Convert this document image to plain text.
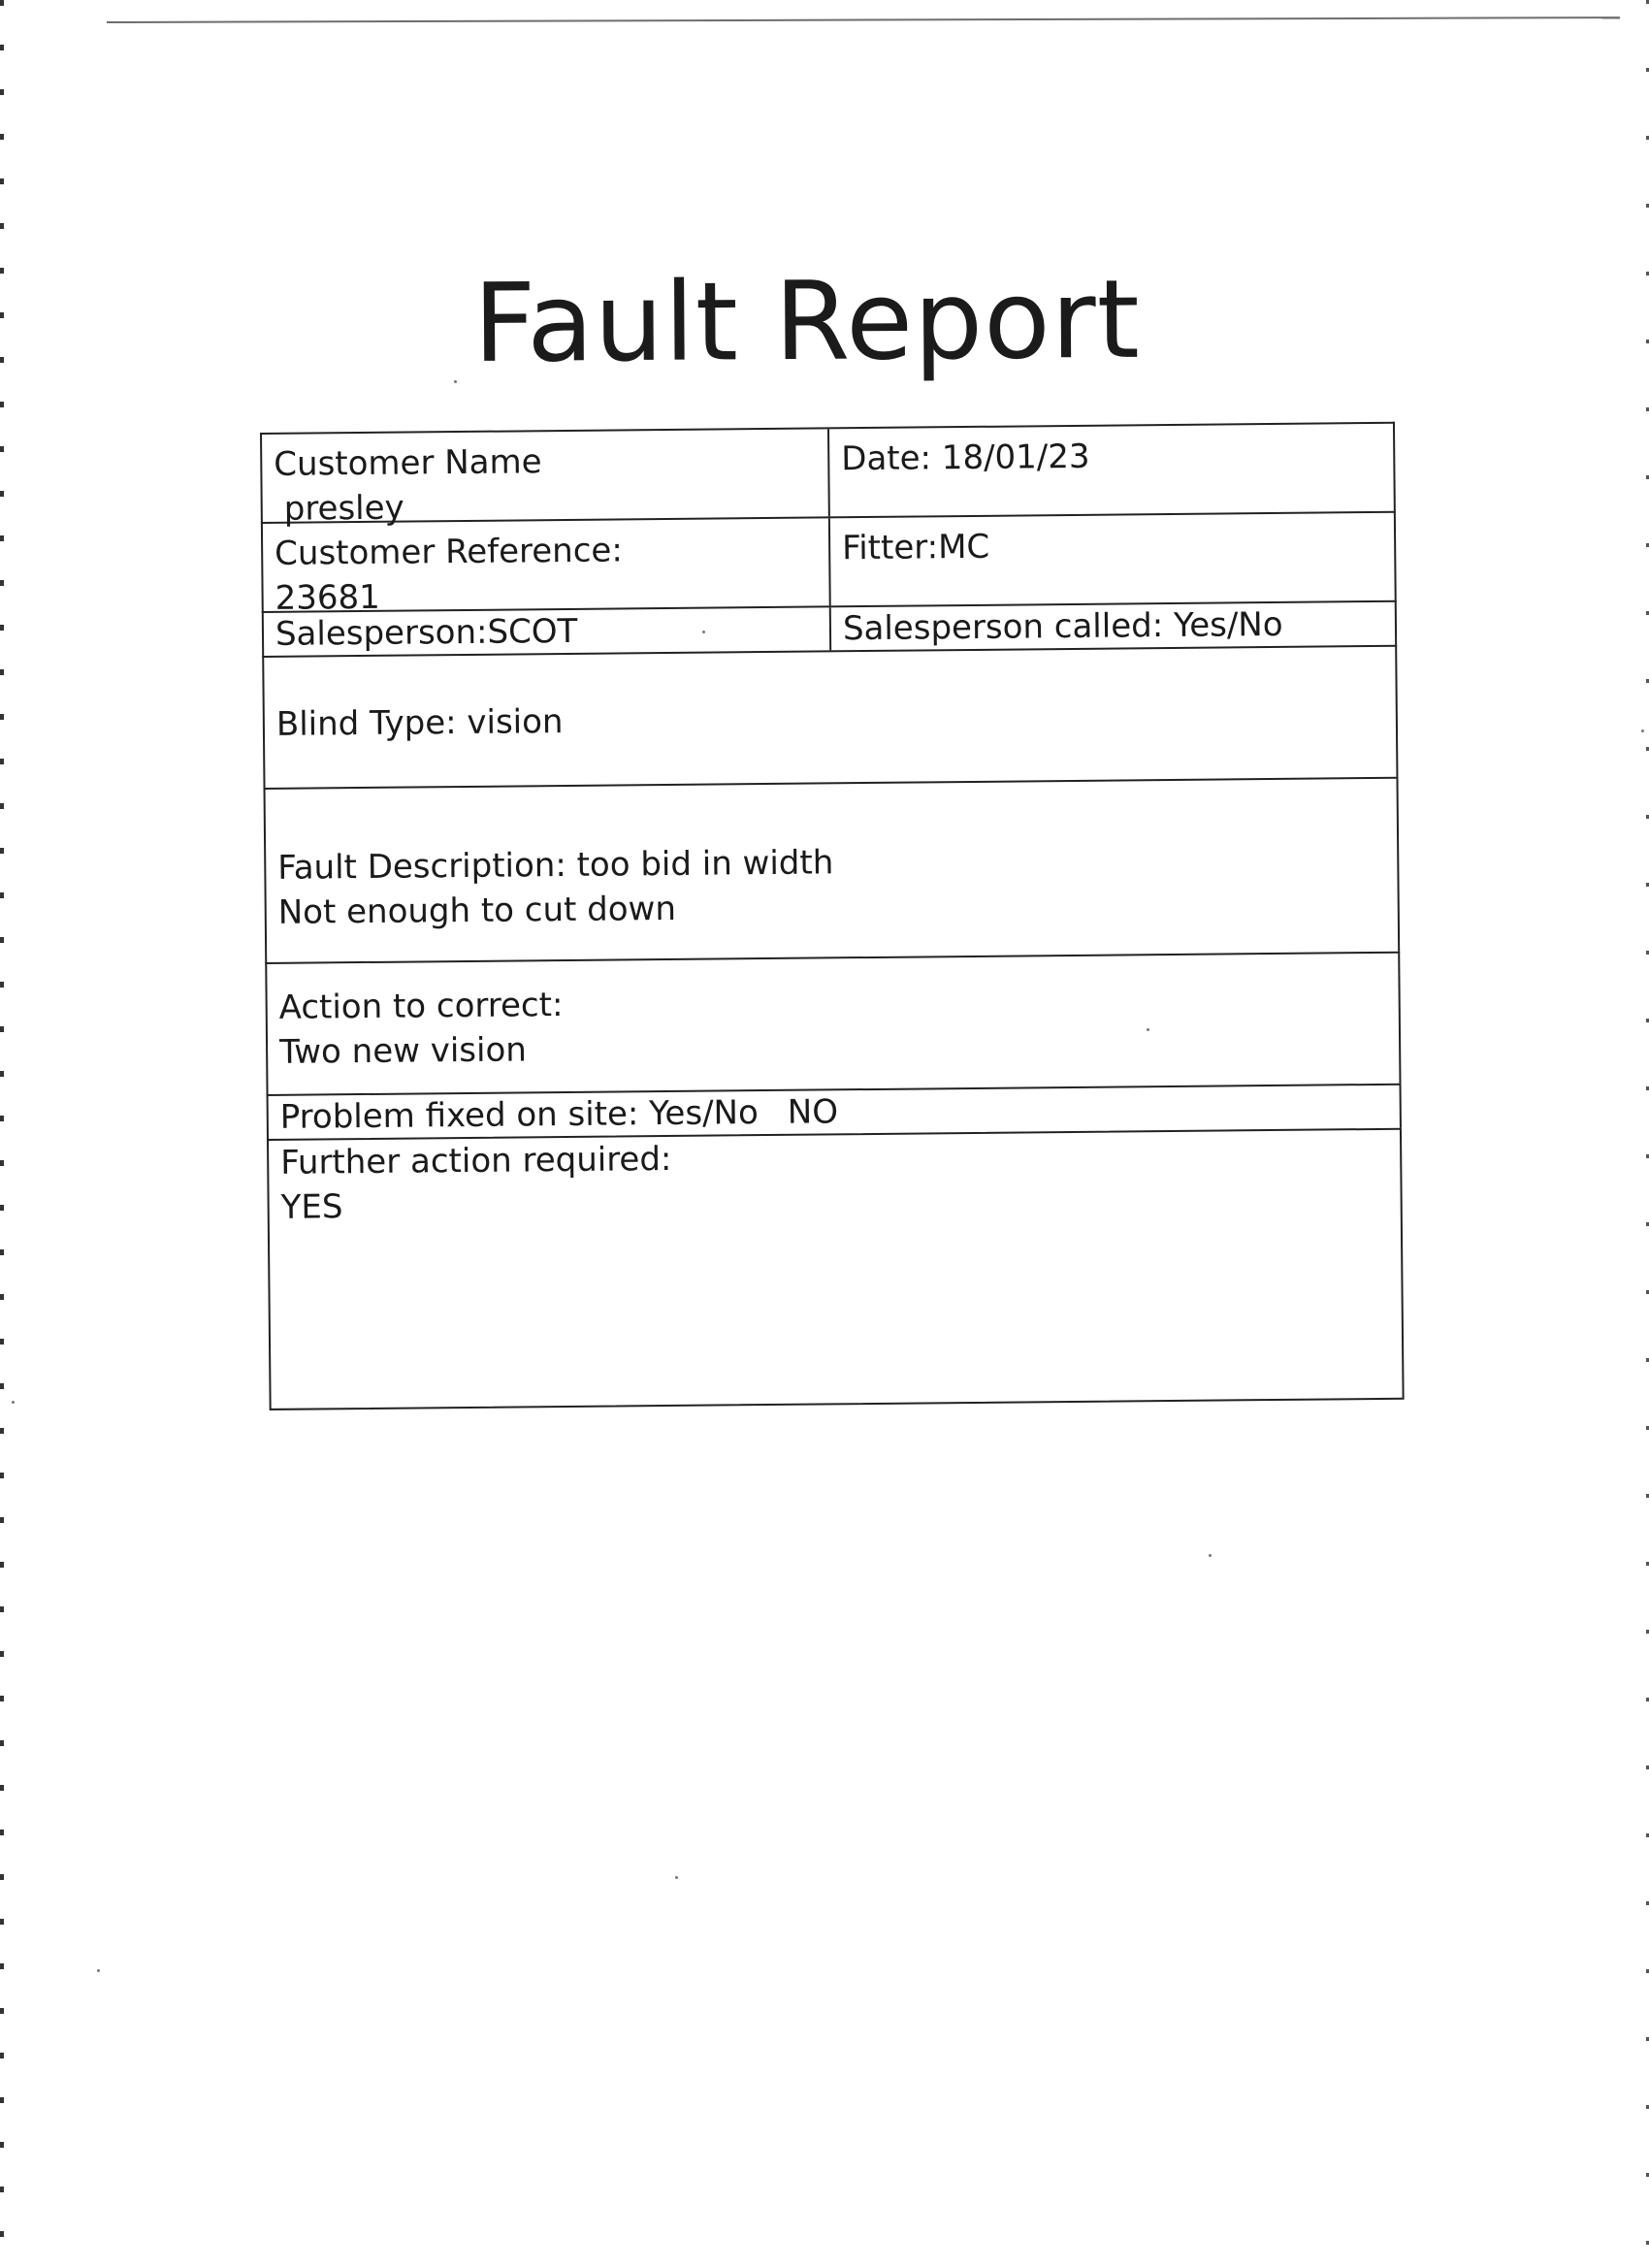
Fault Report
Customer Name
presley
Date: 18/01/23
Customer Reference:
23681
Fitter:MC
Salesperson:SCOT	Salesperson called: Yes/No
Blind Type: vision
Fault Description: too bid in width
Not enough to cut down
Action to correct:
Two new vision
Problem fixed on site: Yes/No NO
Further action required:
YES
